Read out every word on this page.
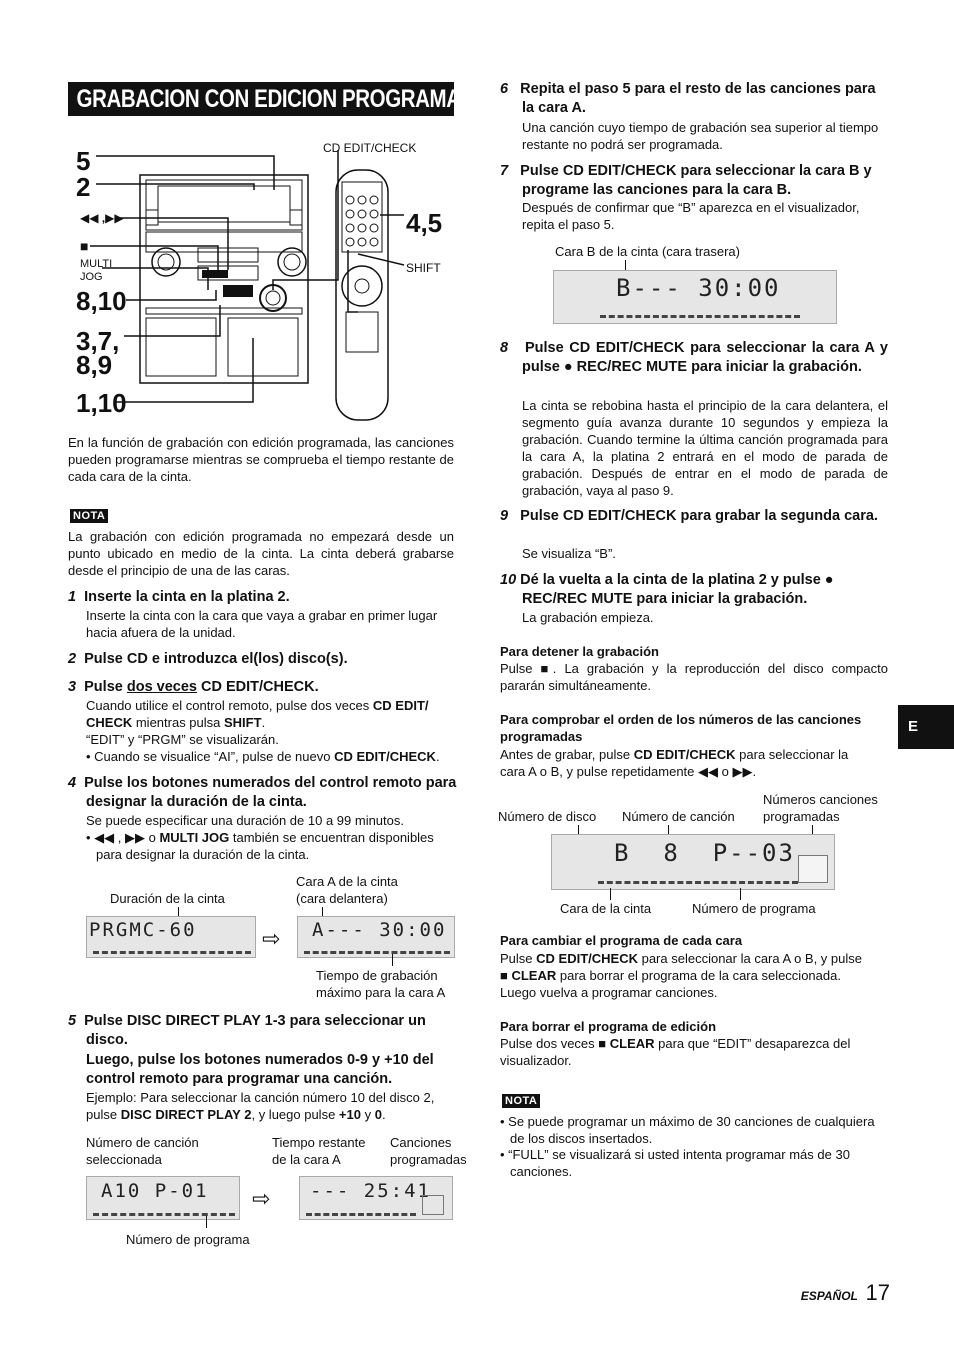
GRABACION CON EDICION PROGRAMADA
5
2
◀◀ ,▶▶
■
MULTI
JOG
8,10
3,7,
8,9
1,10
4,5
CD EDIT/CHECK
SHIFT
En la función de grabación con edición programada, las canciones pueden programarse mientras se comprueba el tiempo restante de cada cara de la cinta.
NOTA
La grabación con edición programada no empezará desde un punto ubicado en medio de la cinta. La cinta deberá grabarse desde el principio de una de las caras.
1 Inserte la cinta en la platina 2.
Inserte la cinta con la cara que vaya a grabar en primer lugar hacia afuera de la unidad.
2 Pulse CD e introduzca el(los) disco(s).
3 Pulse dos veces CD EDIT/CHECK.
Cuando utilice el control remoto, pulse dos veces CD EDIT/
CHECK mientras pulsa SHIFT.
“EDIT” y “PRGM” se visualizarán.
• Cuando se visualice “AI”, pulse de nuevo CD EDIT/CHECK.
4 Pulse los botones numerados del control remoto para designar la duración de la cinta.
Se puede especificar una duración de 10 a 99 minutos.
• ◀◀ , ▶▶ o MULTI JOG también se encuentran disponibles
para designar la duración de la cinta.
Duración de la cinta
Cara A de la cinta
(cara delantera)
PRGMC-60	⇨ A--- 30:00
Tiempo de grabación
máximo para la cara A
5 Pulse DISC DIRECT PLAY 1-3 para seleccionar un disco.
Luego, pulse los botones numerados 0-9 y +10 del control remoto para programar una canción.
Ejemplo: Para seleccionar la canción número 10 del disco 2,
pulse DISC DIRECT PLAY 2, y luego pulse +10 y 0.
Número de canción
seleccionada
Tiempo restante
de la cara A
Canciones
programadas
A10 P-01 ⇨ --- 25:41
Número de programa
6 Repita el paso 5 para el resto de las canciones para la cara A.
Una canción cuyo tiempo de grabación sea superior al tiempo restante no podrá ser programada.
7 Pulse CD EDIT/CHECK para seleccionar la cara B y programe las canciones para la cara B.
Después de confirmar que “B” aparezca en el visualizador, repita el paso 5.
Cara B de la cinta (cara trasera)
B--- 30:00
8 Pulse CD EDIT/CHECK para seleccionar la cara A y pulse ● REC/REC MUTE para iniciar la grabación.
La cinta se rebobina hasta el principio de la cara delantera, el segmento guía avanza durante 10 segundos y empieza la grabación. Cuando termine la última canción programada para la cara A, la platina 2 entrará en el modo de parada de grabación. Después de entrar en el modo de parada de grabación, vaya al paso 9.
9 Pulse CD EDIT/CHECK para grabar la segunda cara.
Se visualiza “B”.
10 Dé la vuelta a la cinta de la platina 2 y pulse ● REC/REC MUTE para iniciar la grabación.
La grabación empieza.
Para detener la grabación
Pulse ■. La grabación y la reproducción del disco compacto pararán simultáneamente.
Para comprobar el orden de los números de las canciones programadas
Antes de grabar, pulse CD EDIT/CHECK para seleccionar la
cara A o B, y pulse repetidamente ◀◀ o ▶▶.
Número de disco Número de canción
Números canciones
programadas
B  8  P--03
Cara de la cinta	Número de programa
Para cambiar el programa de cada cara
Pulse CD EDIT/CHECK para seleccionar la cara A o B, y pulse
■ CLEAR para borrar el programa de la cara seleccionada.
Luego vuelva a programar canciones.
Para borrar el programa de edición
Pulse dos veces ■ CLEAR para que “EDIT” desaparezca del
visualizador.
NOTA
• Se puede programar un máximo de 30 canciones de cualquiera de los discos insertados.
• “FULL” se visualizará si usted intenta programar más de 30 canciones.
E
ESPAÑOL 17
